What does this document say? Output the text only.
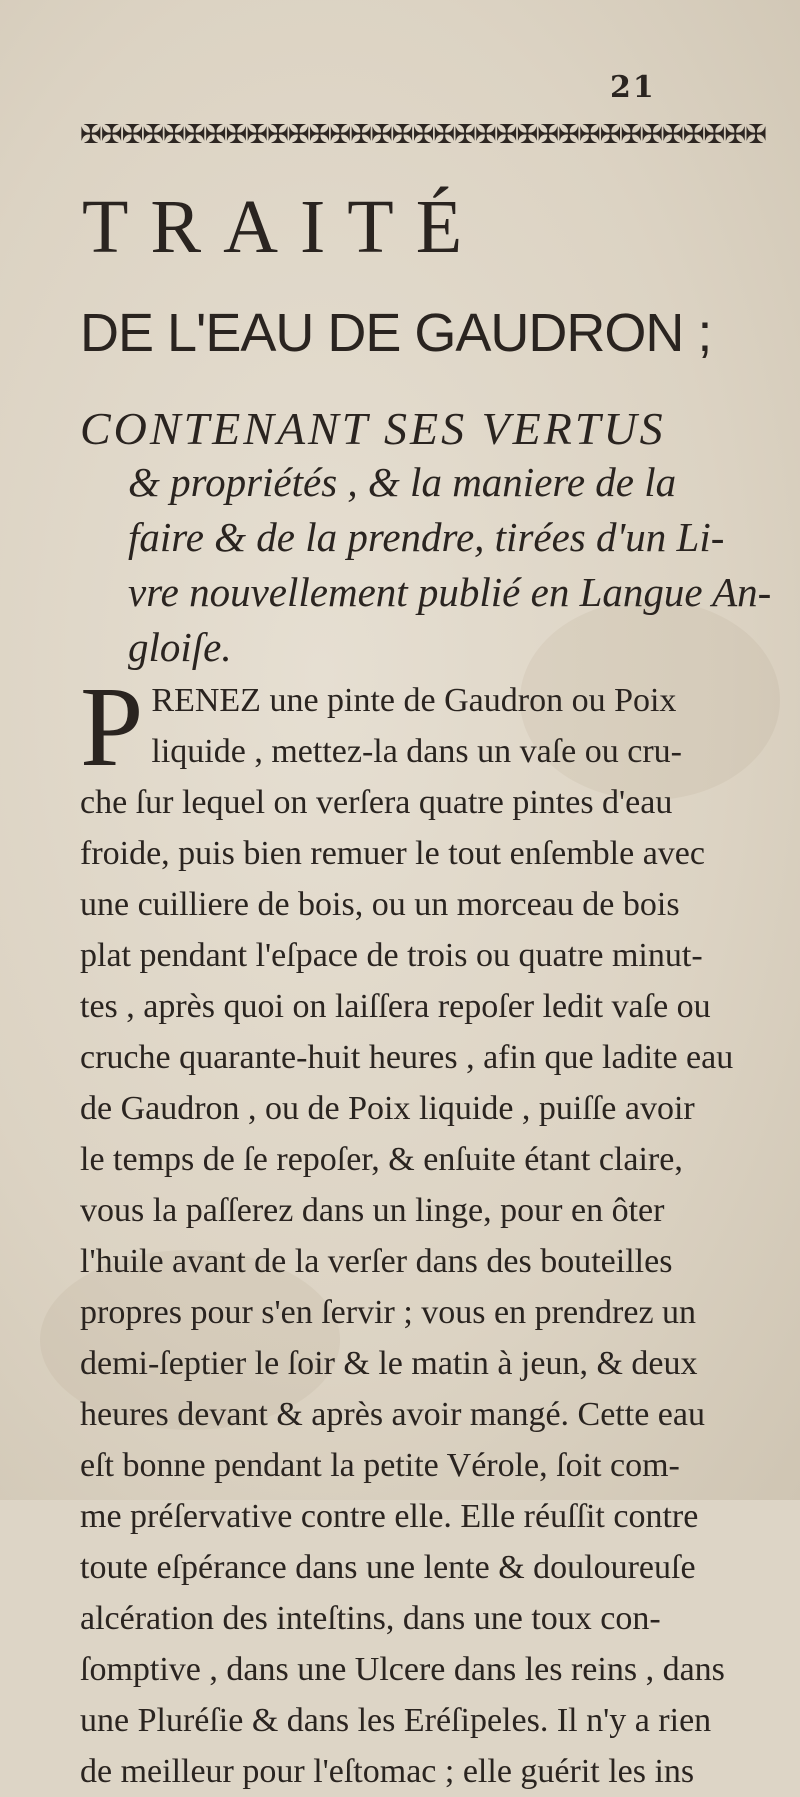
21
✠✠✠✠✠✠✠✠✠✠✠✠✠✠✠✠✠✠✠✠✠✠✠✠✠✠✠✠✠✠✠✠✠
TRAITÉ
DE L'EAU DE GAUDRON ;
CONTENANT SES VERTUS
& propriétés , & la maniere de la
faire & de la prendre, tirées d'un Li-
vre nouvellement publié en Langue An-
gloiſe.
P RENEZ une pinte de Gaudron ou Poix
liquide , mettez-la dans un vaſe ou cru-
che ſur lequel on verſera quatre pintes d'eau
froide, puis bien remuer le tout enſemble avec
une cuilliere de bois, ou un morceau de bois
plat pendant l'eſpace de trois ou quatre minut-
tes , après quoi on laiſſera repoſer ledit vaſe ou
cruche quarante-huit heures , afin que ladite eau
de Gaudron , ou de Poix liquide , puiſſe avoir
le temps de ſe repoſer, & enſuite étant claire,
vous la paſſerez dans un linge, pour en ôter
l'huile avant de la verſer dans des bouteilles
propres pour s'en ſervir ; vous en prendrez un
demi-ſeptier le ſoir & le matin à jeun, & deux
heures devant & après avoir mangé. Cette eau
eſt bonne pendant la petite Vérole, ſoit com-
me préſervative contre elle. Elle réuſſit contre
toute eſpérance dans une lente & douloureuſe
alcération des inteſtins, dans une toux con-
ſomptive , dans une Ulcere dans les reins , dans
une Pluréſie & dans les Eréſipeles. Il n'y a rien
de meilleur pour l'eſtomac ; elle guérit les ins
